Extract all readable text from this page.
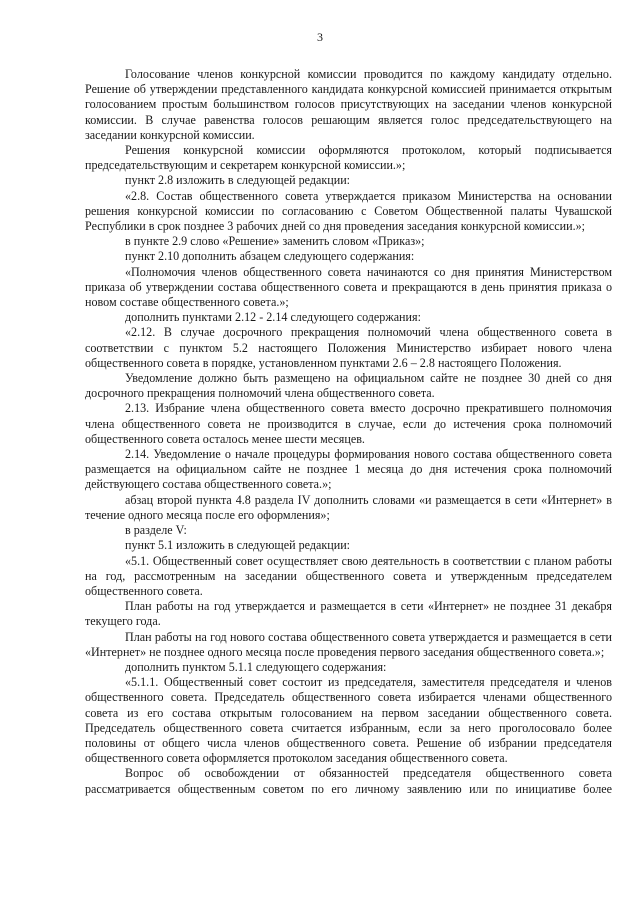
3

Голосование членов конкурсной комиссии проводится по каждому кандидату отдельно. Решение об утверждении представленного кандидата конкурсной комиссией принимается открытым голосованием простым большинством голосов присутствующих на заседании членов конкурсной комиссии. В случае равенства голосов решающим является голос председательствующего на заседании конкурсной комиссии.

Решения конкурсной комиссии оформляются протоколом, который подписывается председательствующим и секретарем конкурсной комиссии.»;

пункт 2.8 изложить в следующей редакции:

«2.8. Состав общественного совета утверждается приказом Министерства на основании решения конкурсной комиссии по согласованию с Советом Общественной палаты Чувашской Республики в срок позднее 3 рабочих дней со дня проведения заседания конкурсной комиссии.»;

в пункте 2.9 слово «Решение» заменить словом «Приказ»;

пункт 2.10 дополнить абзацем следующего содержания:

«Полномочия членов общественного совета начинаются со дня принятия Министерством приказа об утверждении состава общественного совета и прекращаются в день принятия приказа о новом составе общественного совета.»;

дополнить пунктами 2.12 - 2.14 следующего содержания:

«2.12. В случае досрочного прекращения полномочий члена общественного совета в соответствии с пунктом 5.2 настоящего Положения Министерство избирает нового члена общественного совета в порядке, установленном пунктами 2.6 – 2.8 настоящего Положения.

Уведомление должно быть размещено на официальном сайте не позднее 30 дней со дня досрочного прекращения полномочий члена общественного совета.

2.13. Избрание члена общественного совета вместо досрочно прекратившего полномочия члена общественного совета не производится в случае, если до истечения срока полномочий общественного совета осталось менее шести месяцев.

2.14. Уведомление о начале процедуры формирования нового состава общественного совета размещается на официальном сайте не позднее 1 месяца до дня истечения срока полномочий действующего состава общественного совета.»;

абзац второй пункта 4.8 раздела IV дополнить словами «и размещается в сети «Интернет» в течение одного месяца после его оформления»;

в разделе V:

пункт 5.1 изложить в следующей редакции:

«5.1. Общественный совет осуществляет свою деятельность в соответствии с планом работы на год, рассмотренным на заседании общественного совета и утвержденным председателем общественного совета.

План работы на год утверждается и размещается в сети «Интернет» не позднее 31 декабря текущего года.

План работы на год нового состава общественного совета утверждается и размещается в сети «Интернет» не позднее одного месяца после проведения первого заседания общественного совета.»;

дополнить пунктом 5.1.1 следующего содержания:

«5.1.1. Общественный совет состоит из председателя, заместителя председателя и членов общественного совета. Председатель общественного совета избирается членами общественного совета из его состава открытым голосованием на первом заседании общественного совета. Председатель общественного совета считается избранным, если за него проголосовало более половины от общего числа членов общественного совета. Решение об избрании председателя общественного совета оформляется протоколом заседания общественного совета.

Вопрос об освобождении от обязанностей председателя общественного совета рассматривается общественным советом по его личному заявлению или по инициативе более
